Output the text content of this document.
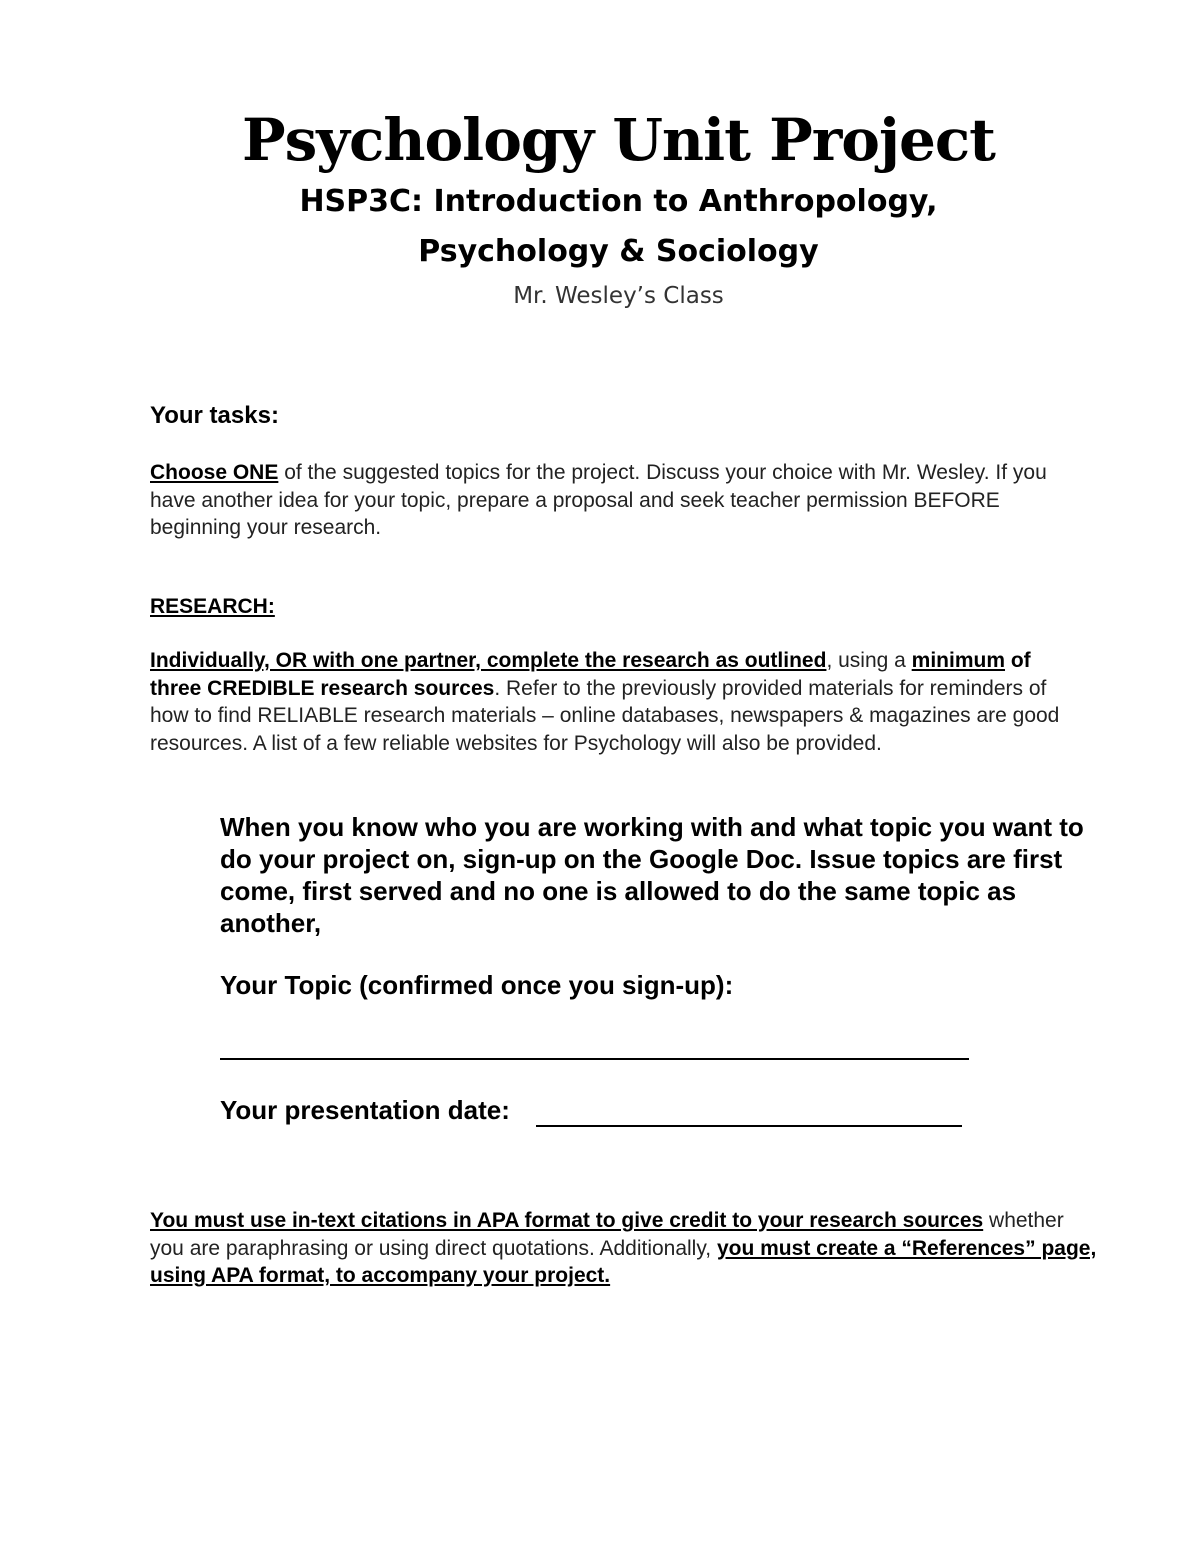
Psychology Unit Project
HSP3C: Introduction to Anthropology,
Psychology & Sociology
Mr. Wesley’s Class
Your tasks:
Choose ONE of the suggested topics for the project. Discuss your choice with Mr. Wesley. If you have another idea for your topic, prepare a proposal and seek teacher permission BEFORE beginning your research.
RESEARCH:
Individually, OR with one partner, complete the research as outlined, using a minimum of three CREDIBLE research sources. Refer to the previously provided materials for reminders of how to find RELIABLE research materials – online databases, newspapers & magazines are good resources. A list of a few reliable websites for Psychology will also be provided.
When you know who you are working with and what topic you want to do your project on, sign-up on the Google Doc. Issue topics are first come, first served and no one is allowed to do the same topic as another,
Your Topic (confirmed once you sign-up):
Your presentation date:
You must use in-text citations in APA format to give credit to your research sources whether you are paraphrasing or using direct quotations. Additionally, you must create a “References” page, using APA format, to accompany your project.
